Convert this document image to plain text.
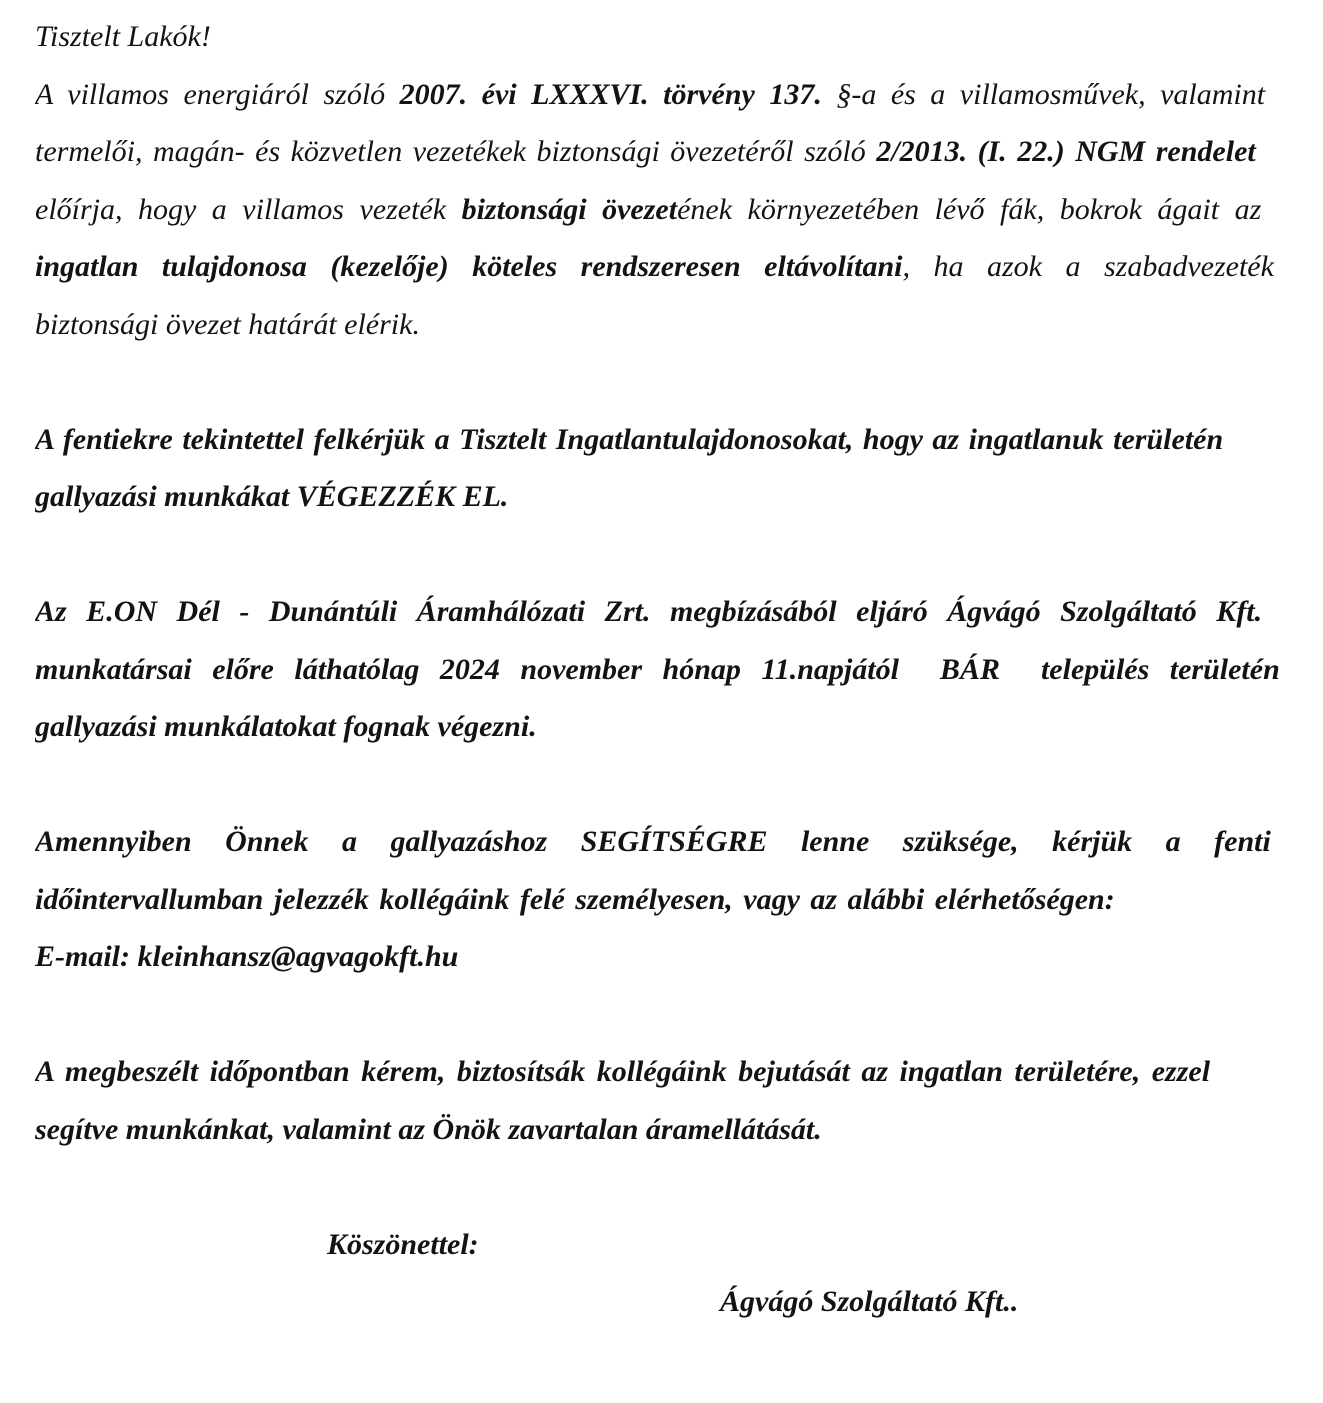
Tisztelt Lakók!
A villamos energiáról szóló 2007. évi LXXXVI. törvény 137. §-a és a villamosművek, valamint
termelői, magán- és közvetlen vezetékek biztonsági övezetéről szóló 2/2013. (I. 22.) NGM rendelet
előírja, hogy a villamos vezeték biztonsági övezetének környezetében lévő fák, bokrok ágait az
ingatlan tulajdonosa (kezelője) köteles rendszeresen eltávolítani, ha azok a szabadvezeték
biztonsági övezet határát elérik.
A fentiekre tekintettel felkérjük a Tisztelt Ingatlantulajdonosokat, hogy az ingatlanuk területén
gallyazási munkákat VÉGEZZÉK EL.
Az E.ON Dél - Dunántúli Áramhálózati Zrt. megbízásából eljáró Ágvágó Szolgáltató Kft.
munkatársai előre láthatólag 2024 november hónap 11.napjától  BÁR  település területén
gallyazási munkálatokat fognak végezni.
Amennyiben Önnek a gallyazáshoz SEGÍTSÉGRE lenne szüksége, kérjük a fenti
időintervallumban jelezzék kollégáink felé személyesen, vagy az alábbi elérhetőségen:
E-mail: kleinhansz@agvagokft.hu
A megbeszélt időpontban kérem, biztosítsák kollégáink bejutását az ingatlan területére, ezzel
segítve munkánkat, valamint az Önök zavartalan áramellátását.
Köszönettel:
Ágvágó Szolgáltató Kft..
